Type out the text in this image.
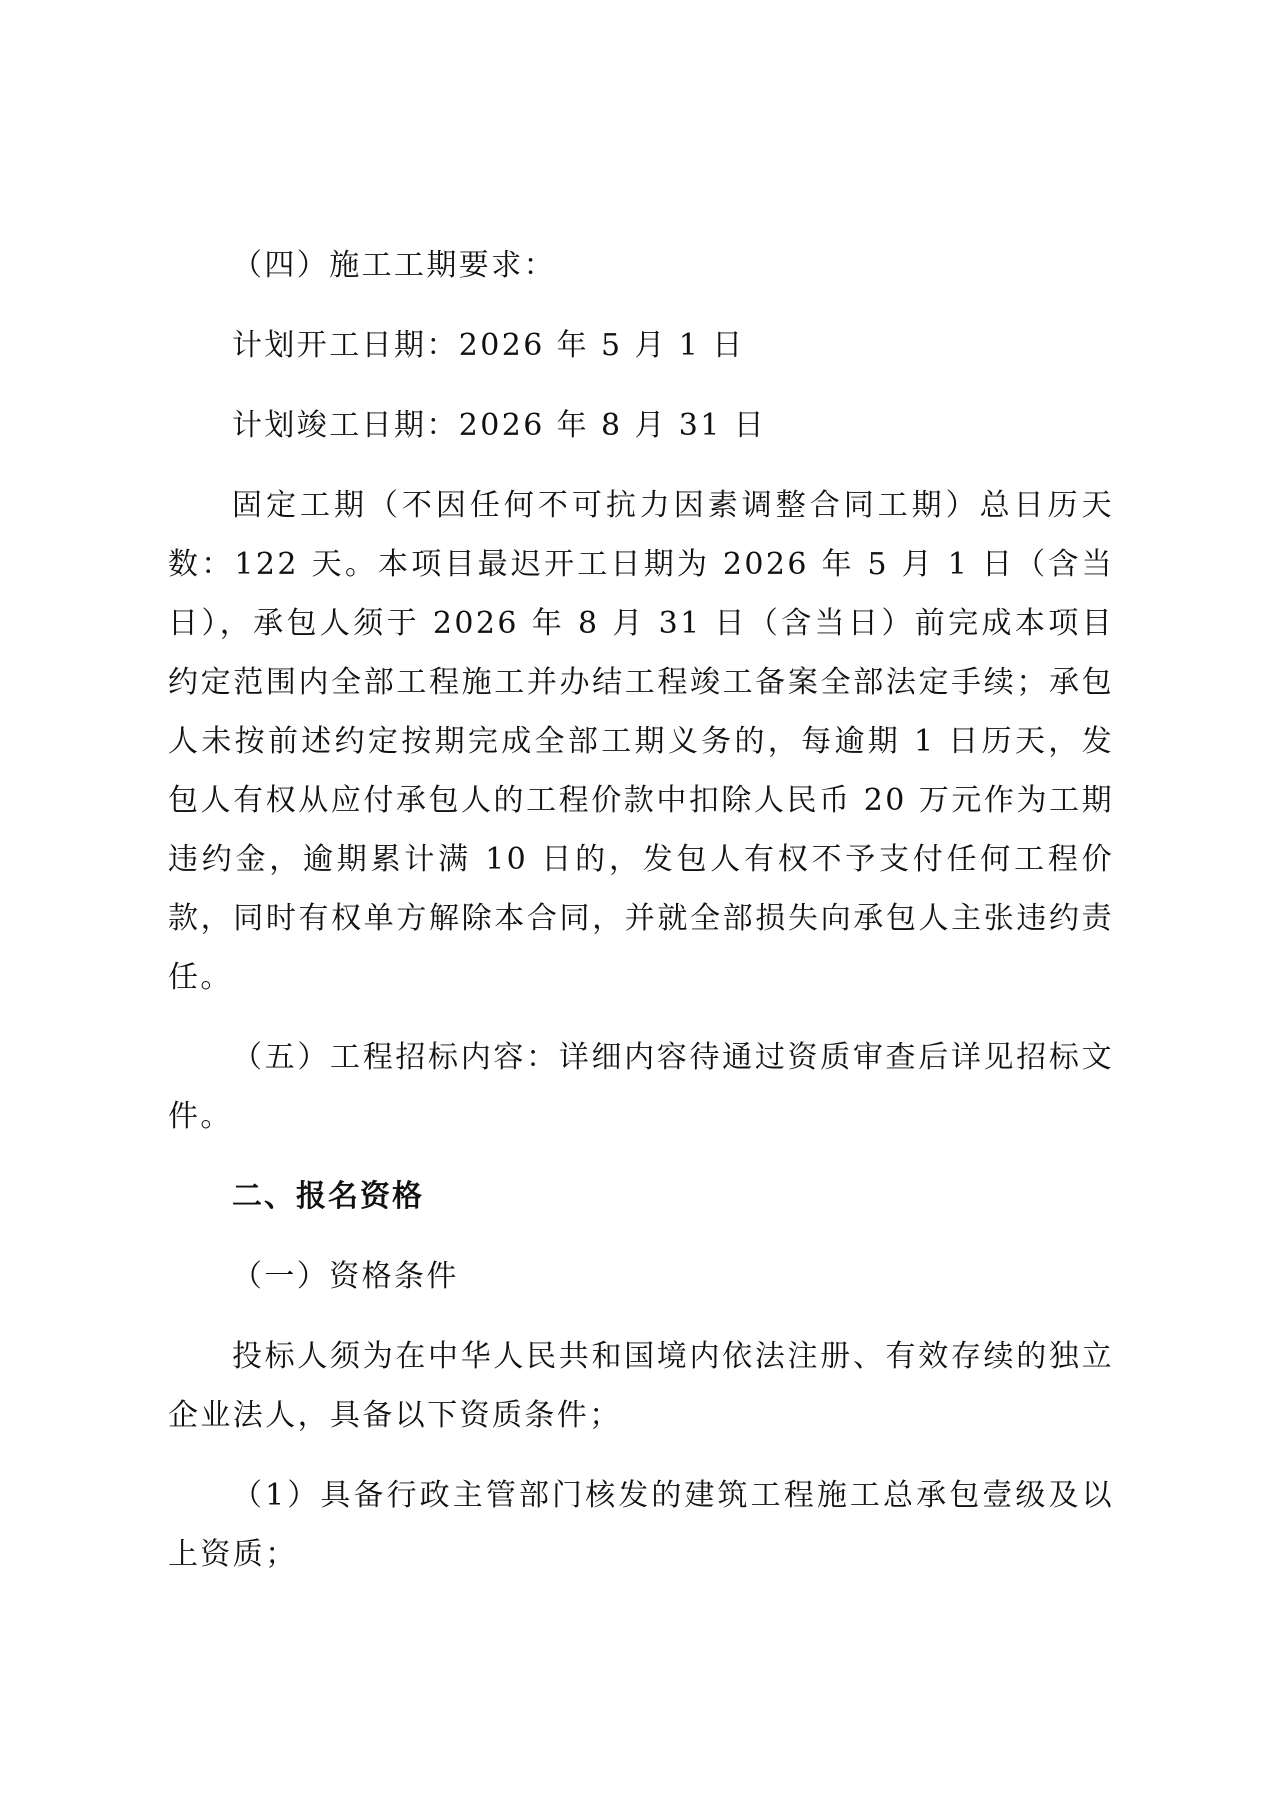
（四）施工工期要求：

计划开工日期：2026 年 5 月 1 日

计划竣工日期：2026 年 8 月 31 日

固定工期（不因任何不可抗力因素调整合同工期）总日历天数：122 天。本项目最迟开工日期为 2026 年 5 月 1 日（含当日），承包人须于 2026 年 8 月 31 日（含当日）前完成本项目约定范围内全部工程施工并办结工程竣工备案全部法定手续；承包人未按前述约定按期完成全部工期义务的，每逾期 1 日历天，发包人有权从应付承包人的工程价款中扣除人民币 20 万元作为工期违约金，逾期累计满 10 日的，发包人有权不予支付任何工程价款，同时有权单方解除本合同，并就全部损失向承包人主张违约责任。

（五）工程招标内容：详细内容待通过资质审查后详见招标文件。

二、报名资格

（一）资格条件

投标人须为在中华人民共和国境内依法注册、有效存续的独立企业法人，具备以下资质条件；

（1）具备行政主管部门核发的建筑工程施工总承包壹级及以上资质；
